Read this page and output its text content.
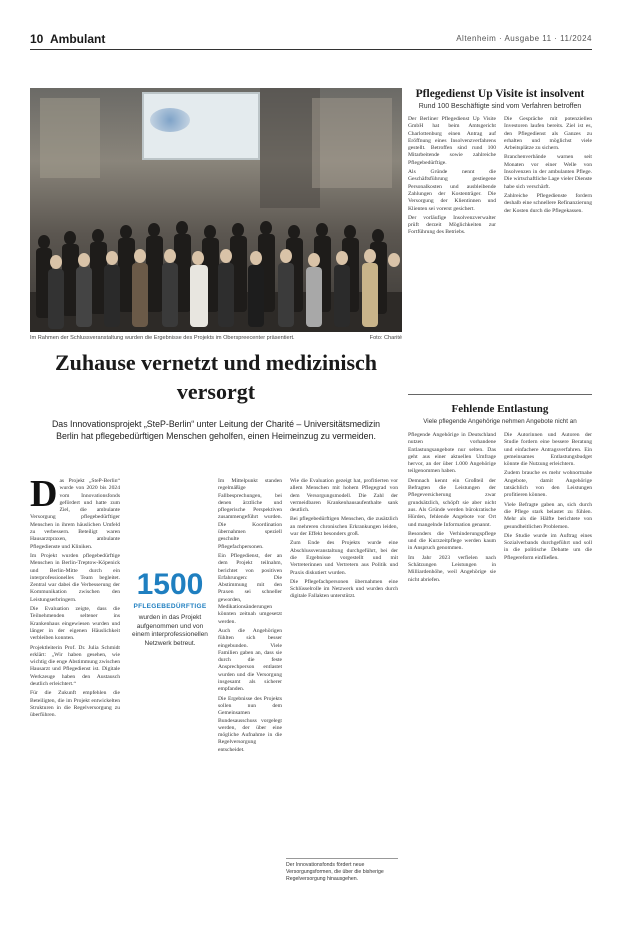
10 Ambulant	Altenheim · Ausgabe 11 · 11/2024
Im Rahmen der Schlussveranstaltung wurden die Ergebnisse des Projekts im Oberspreecenter präsentiert.	Foto: Charité
Zuhause vernetzt und medizinisch versorgt
Das Innovationsprojekt „SteP-Berlin“ unter Leitung der Charité – Universitätsmedizin Berlin hat pflegebedürftigen Menschen geholfen, einen Heimeinzug zu vermeiden.
D as Projekt „SteP-Berlin“ wurde von 2020 bis 2024 vom Innovationsfonds gefördert und hatte zum Ziel, die ambulante Versorgung pflegebedürftiger Menschen in ihrem häuslichen Umfeld zu verbessern. Beteiligt waren Hausarztpraxen, ambulante Pflegedienste und Kliniken.

Im Projekt wurden pflegebedürftige Menschen in Berlin-Treptow-Köpenick und Berlin-Mitte durch ein interprofessionelles Team begleitet. Zentral war dabei die Verbesserung der Kommunikation zwischen den Leistungserbringern.

Die Evaluation zeigte, dass die Teilnehmenden seltener ins Krankenhaus eingewiesen wurden und länger in der eigenen Häuslichkeit verbleiben konnten.

Projektleiterin Prof. Dr. Julia Schmidt erklärt: „Wir haben gesehen, wie wichtig die enge Abstimmung zwischen Hausarzt und Pflegedienst ist. Digitale Werkzeuge haben den Austausch deutlich erleichtert.“

Für die Zukunft empfehlen die Beteiligten, die im Projekt entwickelten Strukturen in die Regelversorgung zu überführen.

1500
PFLEGEBEDÜRFTIGE
wurden in das Projekt aufgenommen und von einem interprofessionellen Netzwerk betreut.

Im Mittelpunkt standen regelmäßige Fallbesprechungen, bei denen ärztliche und pflegerische Perspektiven zusammengeführt wurden. Die Koordination übernahmen speziell geschulte Pflegefachpersonen.

Ein Pflegedienst, der an dem Projekt teilnahm, berichtet von positiven Erfahrungen: Die Abstimmung mit den Praxen sei schneller geworden, Medikationsänderungen könnten zeitnah umgesetzt werden.

Auch die Angehörigen fühlten sich besser eingebunden. Viele Familien gaben an, dass sie durch die feste Ansprechperson entlastet wurden und die Versorgung insgesamt als sicherer empfanden.

Die Ergebnisse des Projekts sollen nun dem Gemeinsamen Bundesausschuss vorgelegt werden, der über eine mögliche Aufnahme in die Regelversorgung entscheidet.

Wie die Evaluation gezeigt hat, profitierten vor allem Menschen mit hohem Pflegegrad von dem Versorgungsmodell. Die Zahl der vermeidbaren Krankenhausaufenthalte sank deutlich.

Bei pflegebedürftigen Menschen, die zusätzlich an mehreren chronischen Erkrankungen leiden, war der Effekt besonders groß.

Zum Ende des Projekts wurde eine Abschlussveranstaltung durchgeführt, bei der die Ergebnisse vorgestellt und mit Vertreterinnen und Vertretern aus Politik und Praxis diskutiert wurden.

Die Pflegefachpersonen übernahmen eine Schlüsselrolle im Netzwerk und wurden durch digitale Fallakten unterstützt.

Der Innovationsfonds fördert neue Versorgungsformen, die über die bisherige Regelversorgung hinausgehen.
Pflegedienst Up Visite ist insolvent
Rund 100 Beschäftigte sind vom Verfahren betroffen

Der Berliner Pflegedienst Up Visite GmbH hat beim Amtsgericht Charlottenburg einen Antrag auf Eröffnung eines Insolvenzverfahrens gestellt. Betroffen sind rund 100 Mitarbeitende sowie zahlreiche Pflegebedürftige.

Als Gründe nennt die Geschäftsführung gestiegene Personalkosten und ausbleibende Zahlungen der Kostenträger. Die Versorgung der Klientinnen und Klienten sei vorerst gesichert.

Der vorläufige Insolvenzverwalter prüft derzeit Möglichkeiten zur Fortführung des Betriebs.

Die Gespräche mit potenziellen Investoren laufen bereits. Ziel ist es, den Pflegedienst als Ganzes zu erhalten und möglichst viele Arbeitsplätze zu sichern.

Branchenverbände warnen seit Monaten vor einer Welle von Insolvenzen in der ambulanten Pflege. Die wirtschaftliche Lage vieler Dienste habe sich verschärft.

Zahlreiche Pflegedienste fordern deshalb eine schnellere Refinanzierung der Kosten durch die Pflegekassen.

Fehlende Entlastung
Viele pflegende Angehörige nehmen Angebote nicht an

Pflegende Angehörige in Deutschland nutzen vorhandene Entlastungsangebote nur selten. Das geht aus einer aktuellen Umfrage hervor, an der über 1.000 Angehörige teilgenommen haben.

Demnach kennt ein Großteil der Befragten die Leistungen der Pflegeversicherung zwar grundsätzlich, schöpft sie aber nicht aus. Als Gründe werden bürokratische Hürden, fehlende Angebote vor Ort und mangelnde Information genannt.

Besonders die Verhinderungspflege und die Kurzzeitpflege werden kaum in Anspruch genommen.

Im Jahr 2023 verfielen nach Schätzungen Leistungen in Milliardenhöhe, weil Angehörige sie nicht abriefen.

Die Autorinnen und Autoren der Studie fordern eine bessere Beratung und einfachere Antragsverfahren. Ein gemeinsames Entlastungsbudget könnte die Nutzung erleichtern.

Zudem brauche es mehr wohnortnahe Angebote, damit Angehörige tatsächlich von den Leistungen profitieren können.

Viele Befragte gaben an, sich durch die Pflege stark belastet zu fühlen. Mehr als die Hälfte berichtete von gesundheitlichen Problemen.

Die Studie wurde im Auftrag eines Sozialverbands durchgeführt und soll in die politische Debatte um die Pflegereform einfließen.
